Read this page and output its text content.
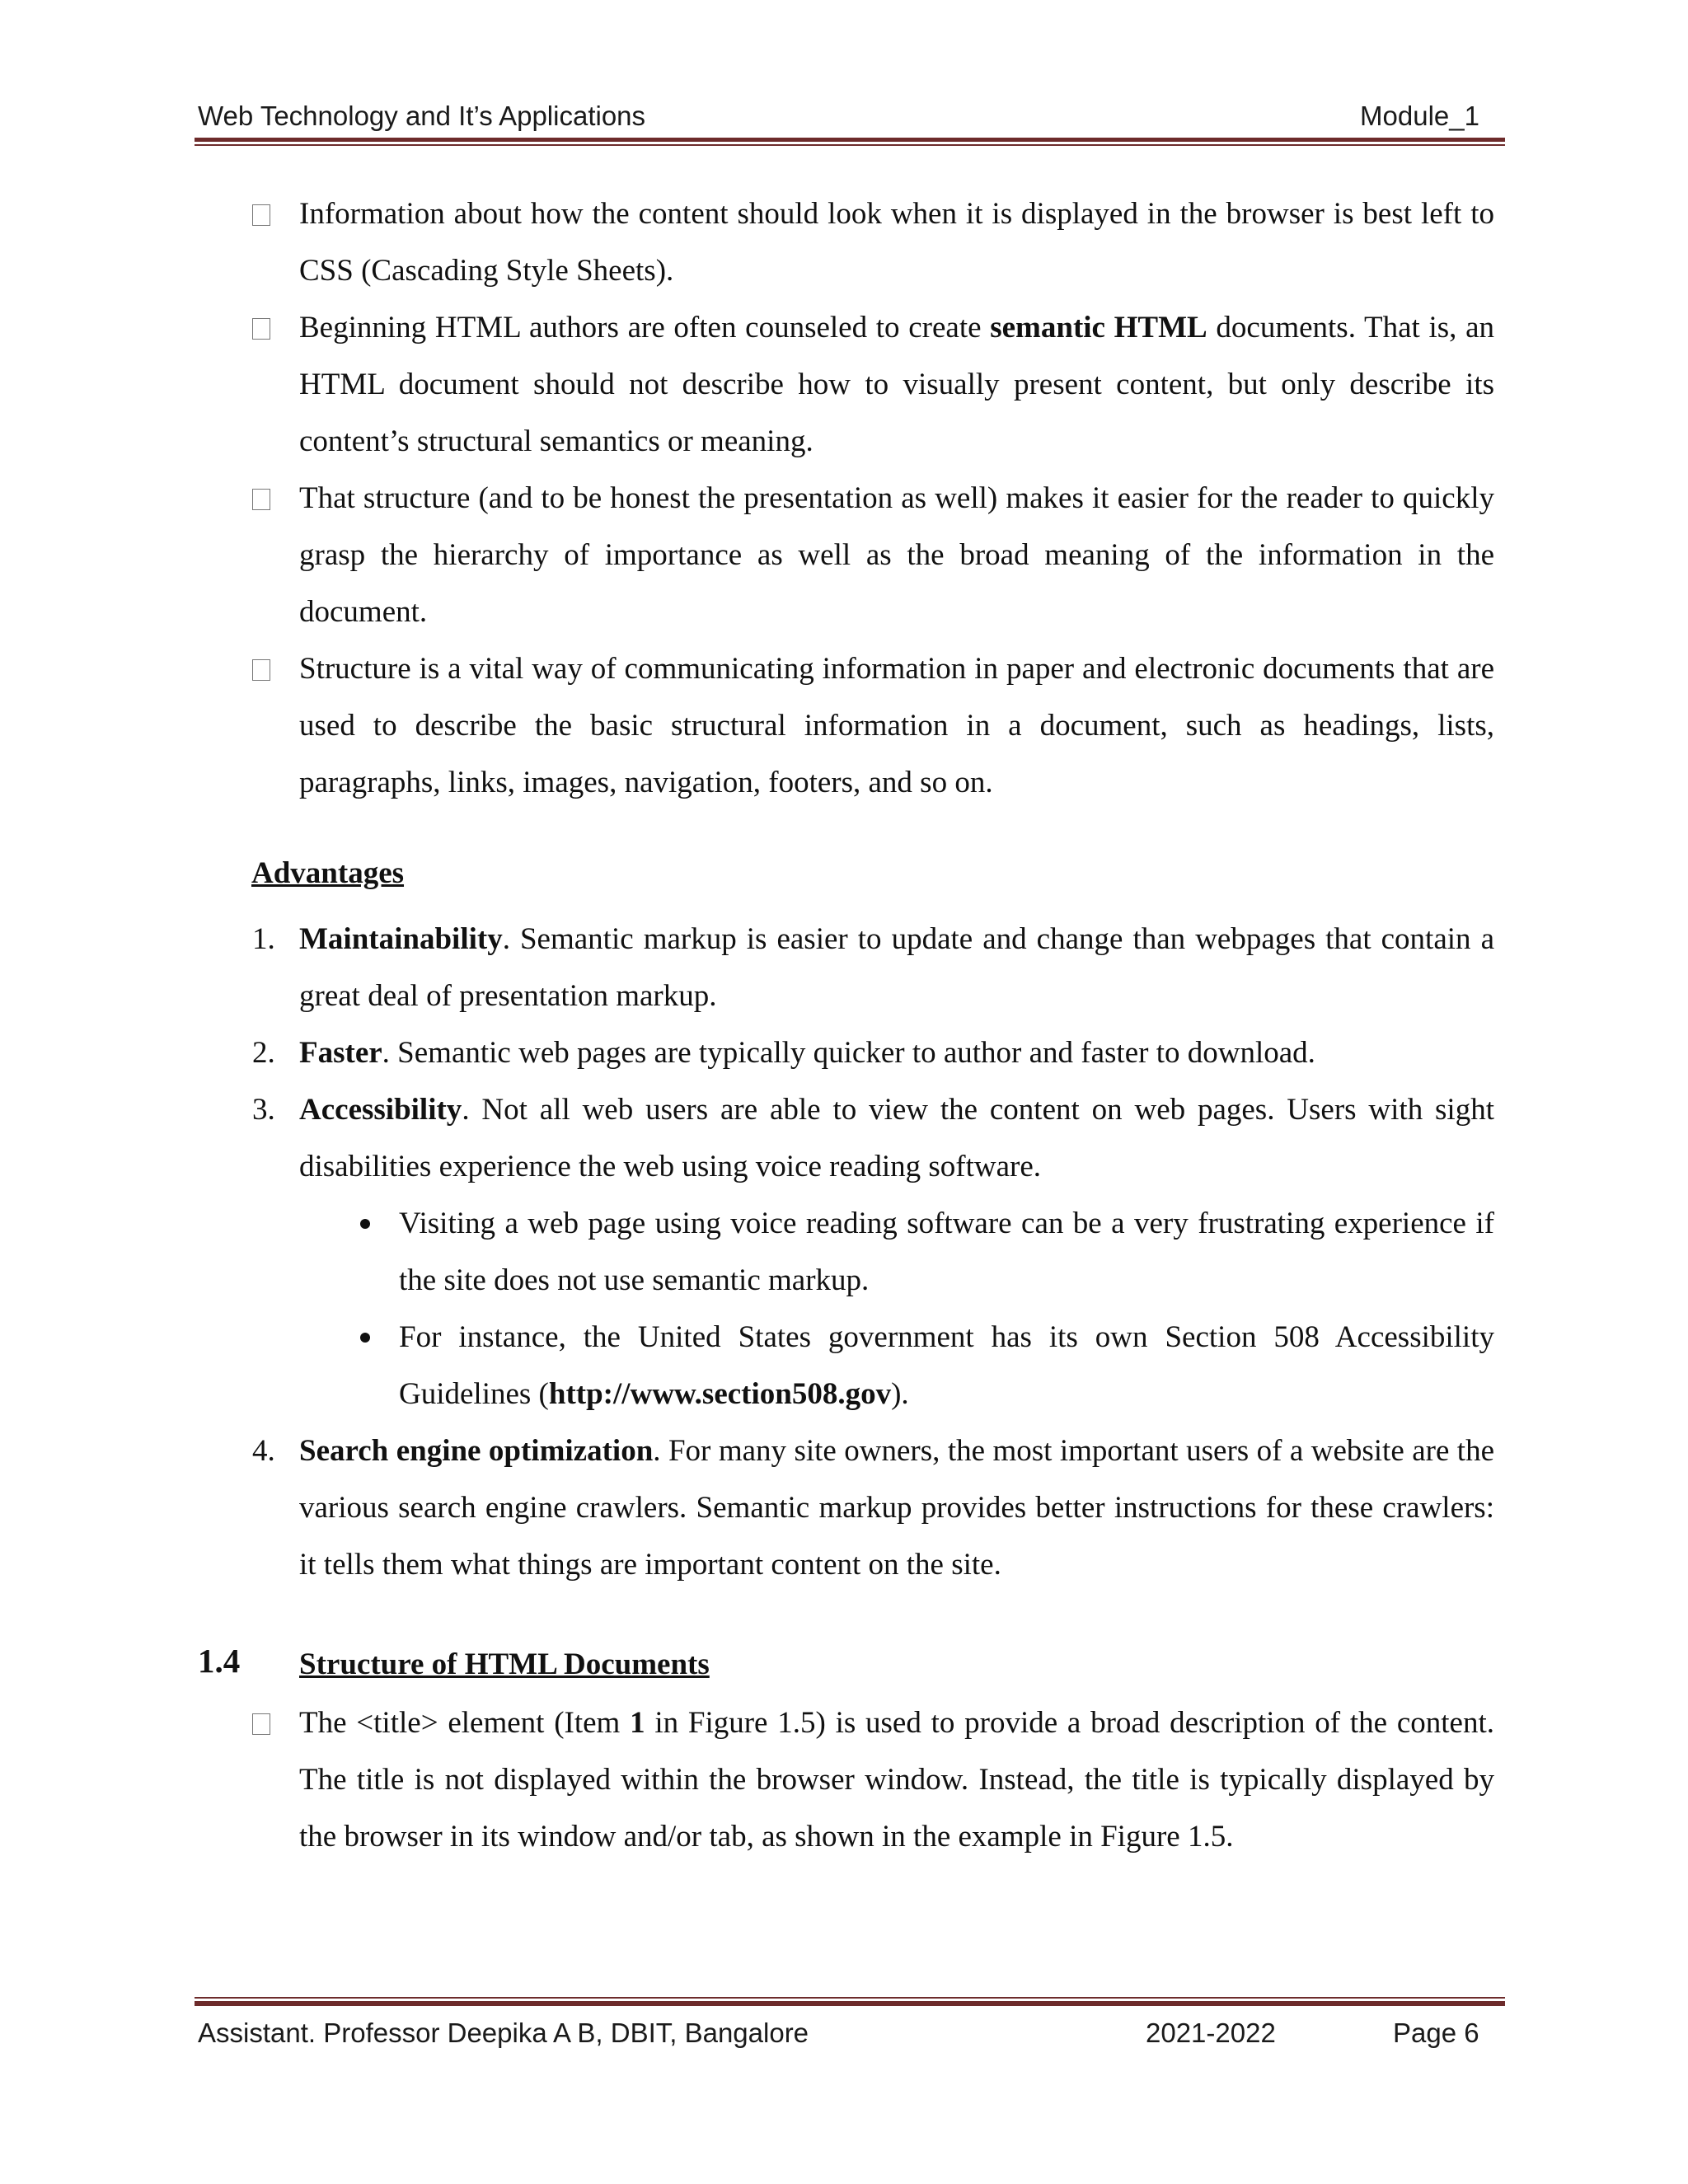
Web Technology and It’s Applications	Module_1
Information about how the content should look when it is displayed in the browser is best left to CSS (Cascading Style Sheets).
Beginning HTML authors are often counseled to create semantic HTML documents. That is, an HTML document should not describe how to visually present content, but only describe its content’s structural semantics or meaning.
That structure (and to be honest the presentation as well) makes it easier for the reader to quickly grasp the hierarchy of importance as well as the broad meaning of the information in the document.
Structure is a vital way of communicating information in paper and electronic documents that are used to describe the basic structural information in a document, such as headings, lists, paragraphs, links, images, navigation, footers, and so on.
Advantages
1. Maintainability. Semantic markup is easier to update and change than webpages that contain a great deal of presentation markup.
2. Faster. Semantic web pages are typically quicker to author and faster to download.
3. Accessibility. Not all web users are able to view the content on web pages. Users with sight disabilities experience the web using voice reading software.
Visiting a web page using voice reading software can be a very frustrating experience if the site does not use semantic markup.
For instance, the United States government has its own Section 508 Accessibility Guidelines (http://www.section508.gov).
4. Search engine optimization. For many site owners, the most important users of a website are the various search engine crawlers. Semantic markup provides better instructions for these crawlers: it tells them what things are important content on the site.
1.4 Structure of HTML Documents
The <title> element (Item 1 in Figure 1.5) is used to provide a broad description of the content. The title is not displayed within the browser window. Instead, the title is typically displayed by the browser in its window and/or tab, as shown in the example in Figure 1.5.
Assistant. Professor Deepika A B, DBIT, Bangalore	2021-2022	Page 6
